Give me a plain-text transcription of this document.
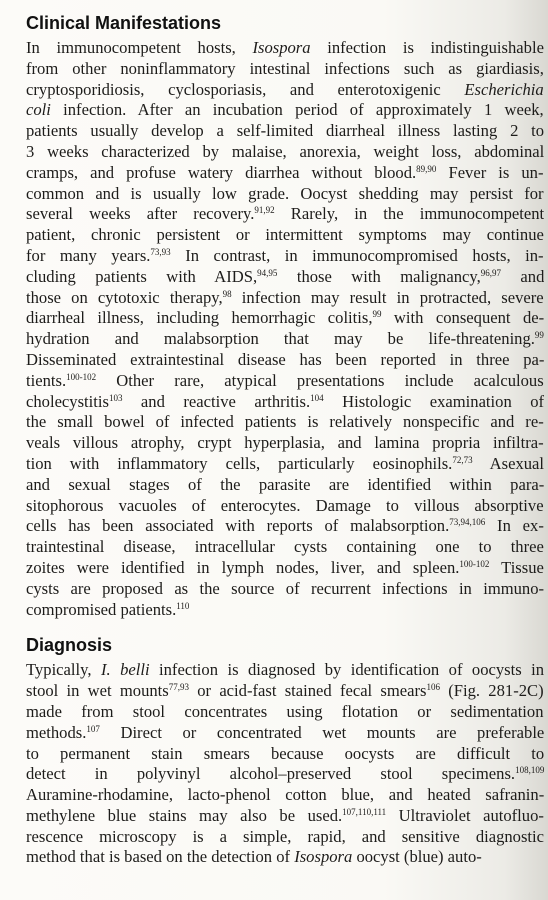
Clinical Manifestations
In immunocompetent hosts, Isospora infection is indistinguishable
from other noninflammatory intestinal infections such as giardiasis,
cryptosporidiosis, cyclosporiasis, and enterotoxigenic Escherichia
coli infection. After an incubation period of approximately 1 week,
patients usually develop a self-limited diarrheal illness lasting 2 to
3 weeks characterized by malaise, anorexia, weight loss, abdominal
cramps, and profuse watery diarrhea without blood.$^{89,90}$ Fever is un-
common and is usually low grade. Oocyst shedding may persist for
several weeks after recovery.$^{91,92}$ Rarely, in the immunocompetent
patient, chronic persistent or intermittent symptoms may continue
for many years.$^{73,93}$ In contrast, in immunocompromised hosts, in-
cluding patients with AIDS,$^{94,95}$ those with malignancy,$^{96,97}$ and
those on cytotoxic therapy,$^{98}$ infection may result in protracted, severe
diarrheal illness, including hemorrhagic colitis,$^{99}$ with consequent de-
hydration and malabsorption that may be life-threatening.$^{99}$
Disseminated extraintestinal disease has been reported in three pa-
tients.$^{100-102}$ Other rare, atypical presentations include acalculous
cholecystitis$^{103}$ and reactive arthritis.$^{104}$ Histologic examination of
the small bowel of infected patients is relatively nonspecific and re-
veals villous atrophy, crypt hyperplasia, and lamina propria infiltra-
tion with inflammatory cells, particularly eosinophils.$^{72,73}$ Asexual
and sexual stages of the parasite are identified within para-
sitophorous vacuoles of enterocytes. Damage to villous absorptive
cells has been associated with reports of malabsorption.$^{73,94,106}$ In ex-
traintestinal disease, intracellular cysts containing one to three
zoites were identified in lymph nodes, liver, and spleen.$^{100-102}$ Tissue
cysts are proposed as the source of recurrent infections in immuno-
compromised patients.$^{110}$
Diagnosis
Typically, I. belli infection is diagnosed by identification of oocysts in
stool in wet mounts$^{77,93}$ or acid-fast stained fecal smears$^{106}$ (Fig. 281-2C)
made from stool concentrates using flotation or sedimentation
methods.$^{107}$ Direct or concentrated wet mounts are preferable
to permanent stain smears because oocysts are difficult to
detect in polyvinyl alcohol–preserved stool specimens.$^{108,109}$
Auramine-rhodamine, lacto-phenol cotton blue, and heated safranin-
methylene blue stains may also be used.$^{107,110,111}$ Ultraviolet autofluo-
rescence microscopy is a simple, rapid, and sensitive diagnostic
method that is based on the detection of Isospora oocyst (blue) auto-
